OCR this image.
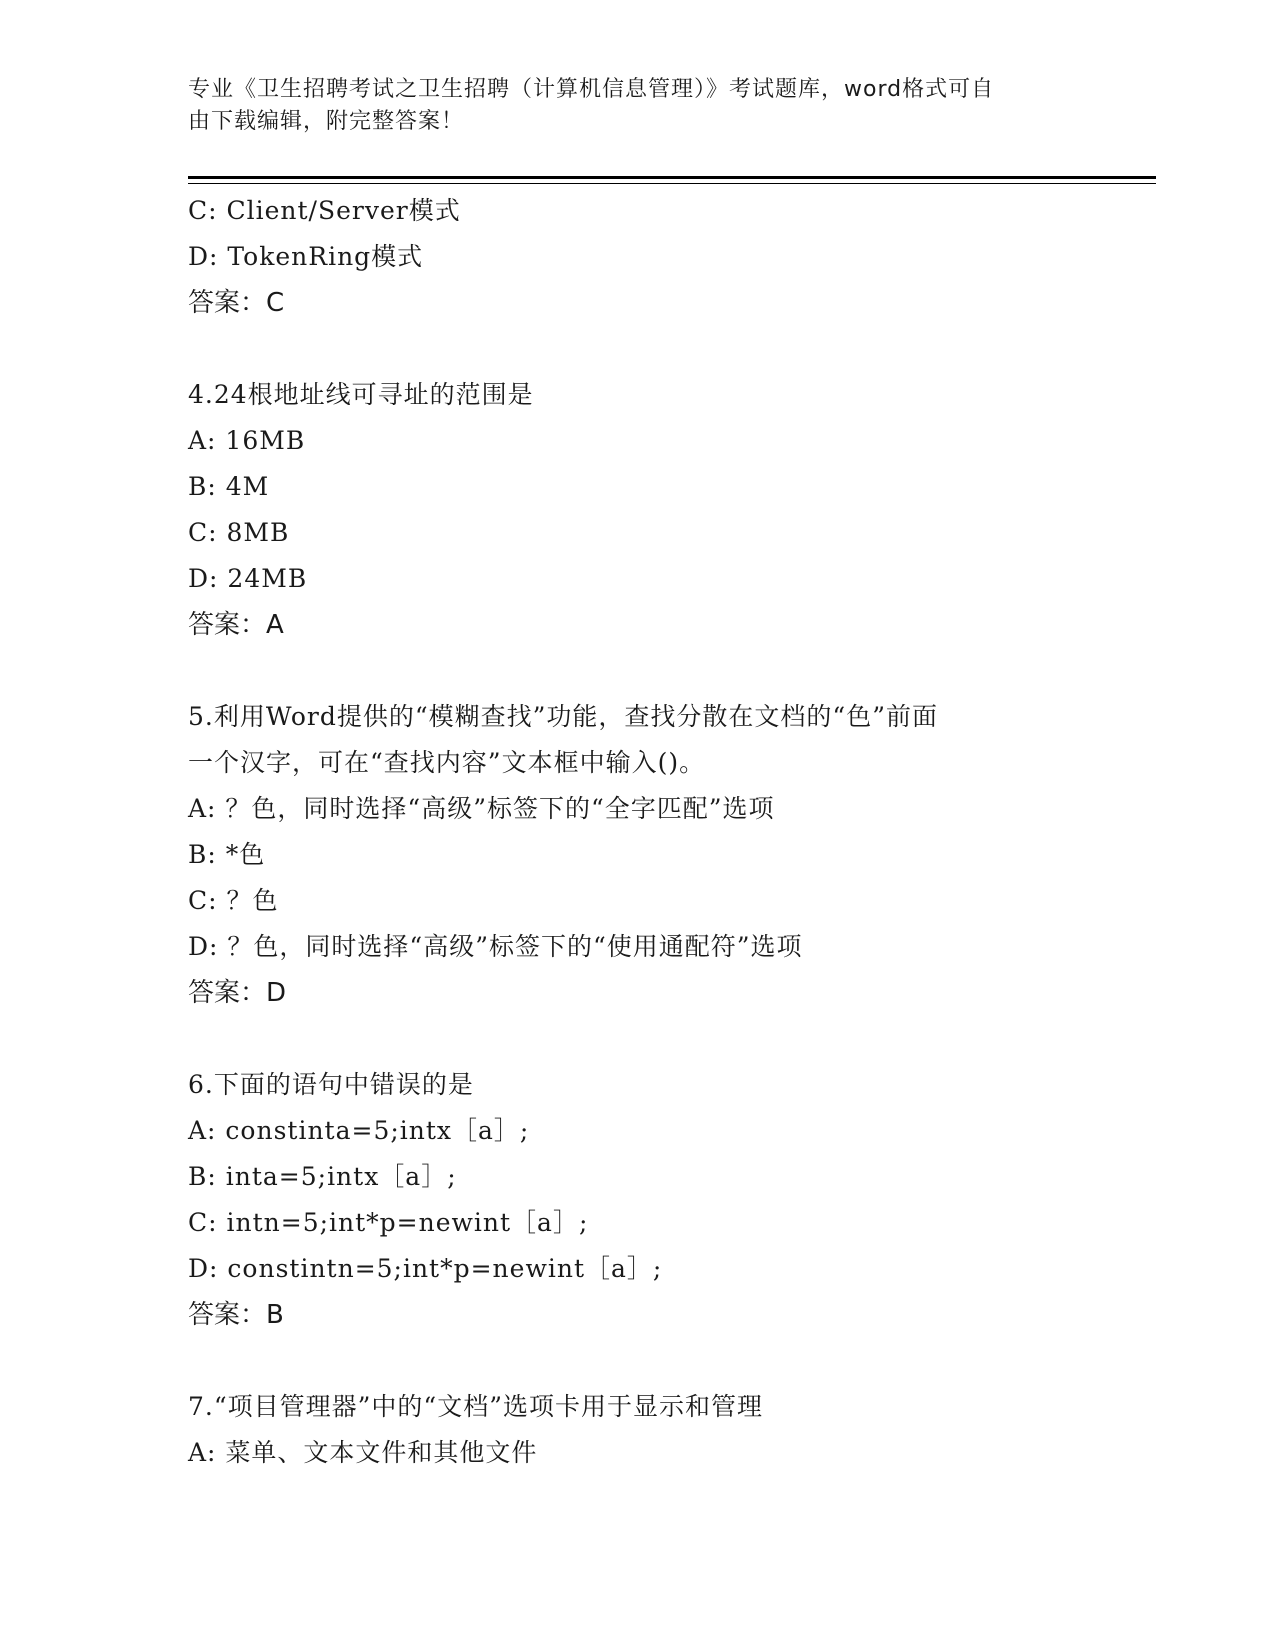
专业《卫生招聘考试之卫生招聘（计算机信息管理）》考试题库，word格式可自
由下载编辑，附完整答案！
C: Client/Server模式
D: TokenRing模式
答案：C
4.24根地址线可寻址的范围是
A: 16MB
B: 4M
C: 8MB
D: 24MB
答案：A
5.利用Word提供的“模糊查找”功能，查找分散在文档的“色”前面
一个汉字，可在“查找内容”文本框中输入()。
A: ？色，同时选择“高级”标签下的“全字匹配”选项
B: *色
C: ？色
D: ？色，同时选择“高级”标签下的“使用通配符”选项
答案：D
6.下面的语句中错误的是
A: constinta=5;intx［a］;
B: inta=5;intx［a］;
C: intn=5;int*p=newint［a］;
D: constintn=5;int*p=newint［a］;
答案：B
7.“项目管理器”中的“文档”选项卡用于显示和管理
A: 菜单、文本文件和其他文件
